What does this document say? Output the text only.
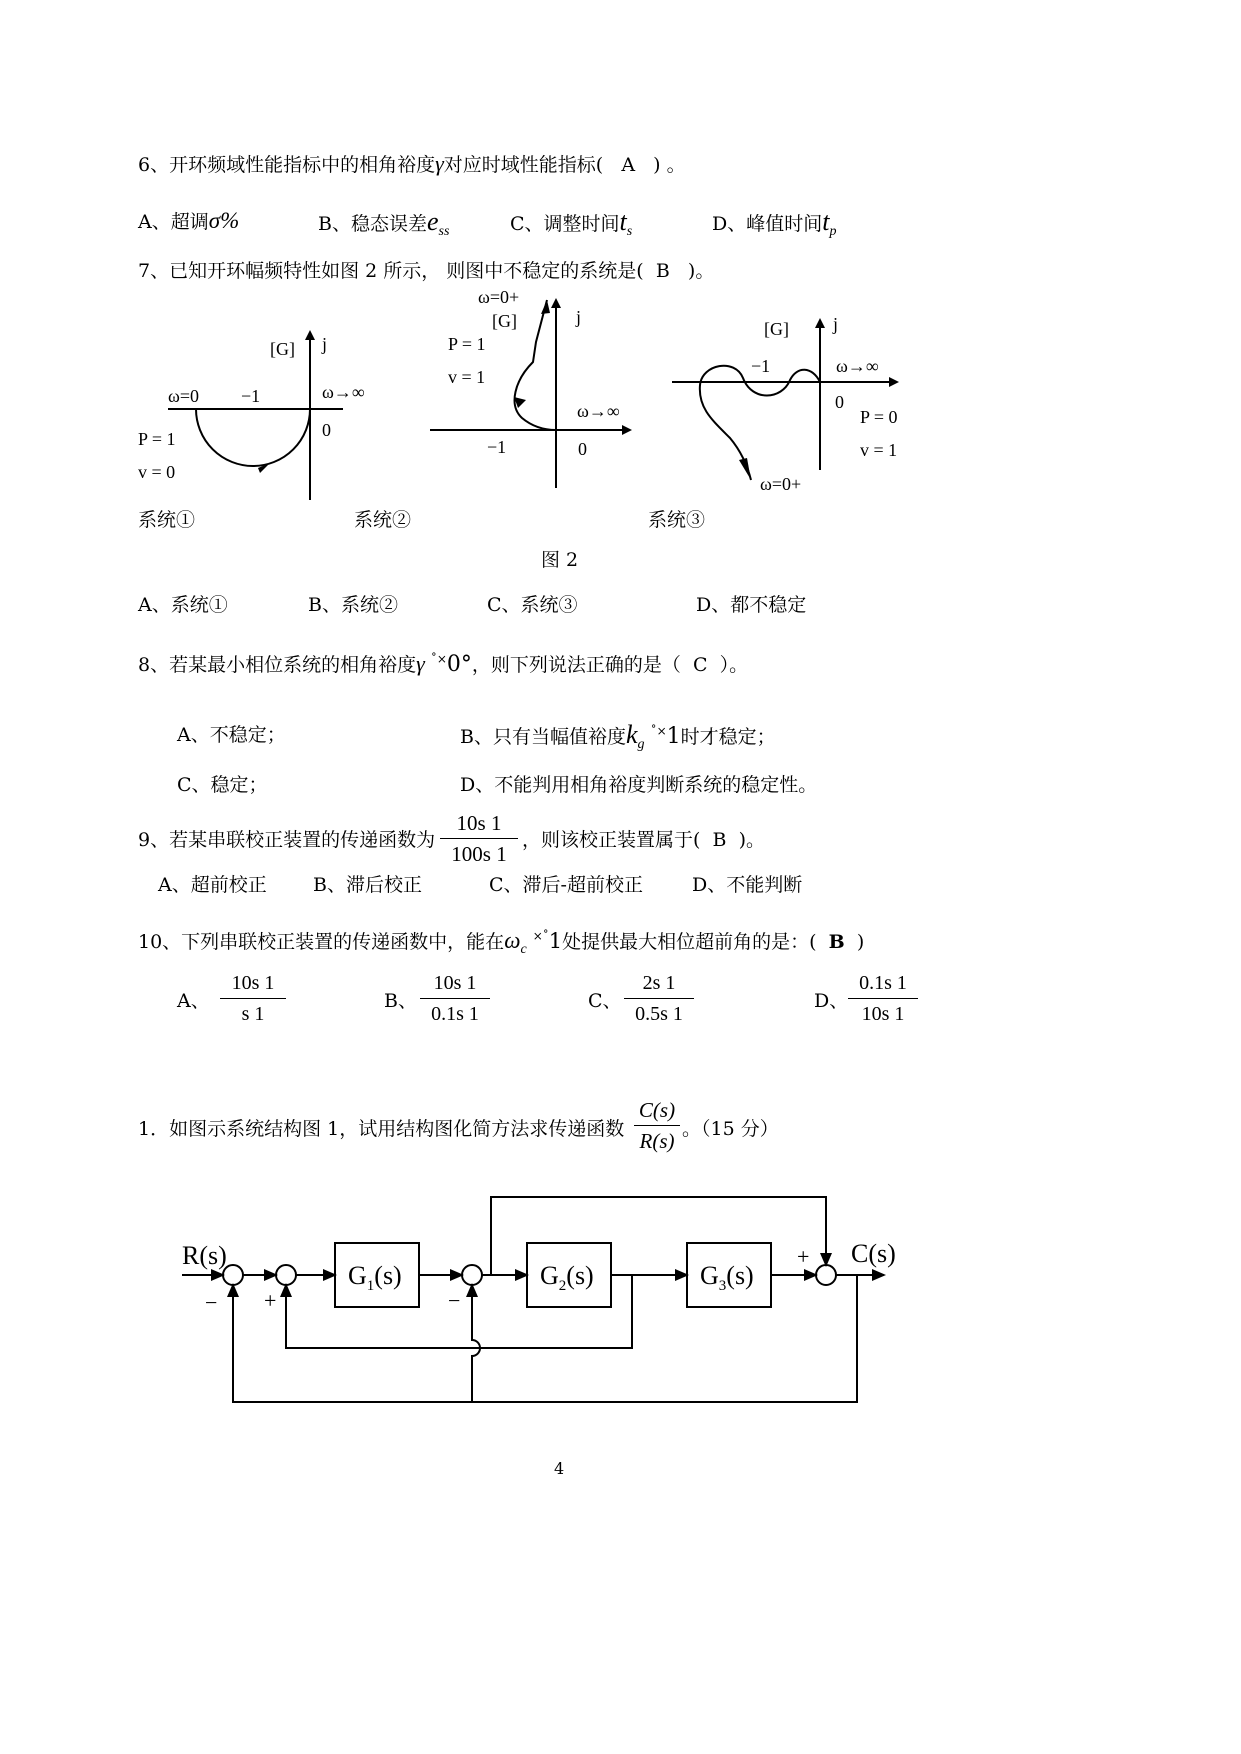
6、开环频域性能指标中的相角裕度γ对应时域性能指标( A ) 。
A、超调σ%	B、稳态误差$e_{ss}$	C、调整时间$t_s$	D、峰值时间$t_p$
7、已知开环幅频特性如图 2 所示， 则图中不稳定的系统是( B )。
[G] j
ω=0 −1	ω→∞
0
P = 1
v = 0
ω=0+
[G]	j
P = 1
v = 1
ω→∞
−1	0
[G] j
−1	ω→∞
0
P = 0
v = 1
ω=0+
系统①	系统②	系统③
图 2
A、系统①	B、系统②	C、系统③	D、都不稳定
8、若某最小相位系统的相角裕度γ ˚×0°，则下列说法正确的是（ C ）。
A、不稳定；	B、只有当幅值裕度$k_g$ ˚×1时才稳定；
C、稳定；	D、不能判用相角裕度判断系统的稳定性。
9、若某串联校正装置的传递函数为
10s 1
100s 1
，则该校正装置属于( B )。
A、超前校正 B、滞后校正	C、滞后-超前校正	D、不能判断
10、下列串联校正装置的传递函数中，能在$\omega_c$ ×˚1处提供最大相位超前角的是：( B )
A、
10s 1
s 1
B、
10s 1
0.1s 1
C、
2s 1
0.5s 1
D、
0.1s 1
10s 1
1．如图示系统结构图 1，试用结构图化简方法求传递函数
C(s)
R(s) 。（15 分）
R(s)	C(s)
$G_1(s)$	$G_2(s)$	$G_3(s)$
− +	−
+
4
